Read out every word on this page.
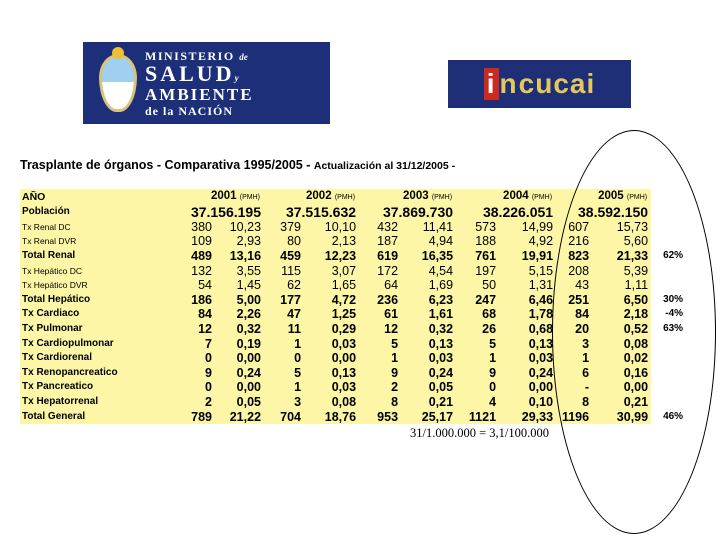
MINISTERIO de
SALUDy
AMBIENTE
de la NACIÓN
i n cucai
Trasplante de órganos - Comparativa 1995/2005 - Actualización al 31/12/2005 -
AÑO	2001 (PMH)		2002 (PMH)		2003 (PMH)		2004 (PMH)		2005 (PMH)		
Población	37.156.195		37.515.632		37.869.730		38.226.051		38.592.150		
Tx Renal DC	380	10,23	379	10,10	432	11,41	573	14,99	607	15,73	
Tx Renal DVR	109	2,93	80	2,13	187	4,94	188	4,92	216	5,60	
Total Renal	489	13,16	459	12,23	619	16,35	761	19,91	823	21,33	62%
Tx Hepático DC	132	3,55	115	3,07	172	4,54	197	5,15	208	5,39	
Tx Hepático DVR	54	1,45	62	1,65	64	1,69	50	1,31	43	1,11	
Total Hepático	186	5,00	177	4,72	236	6,23	247	6,46	251	6,50	30%
Tx Cardiaco	84	2,26	47	1,25	61	1,61	68	1,78	84	2,18	-4%
Tx Pulmonar	12	0,32	11	0,29	12	0,32	26	0,68	20	0,52	63%
Tx Cardiopulmonar	7	0,19	1	0,03	5	0,13	5	0,13	3	0,08	
Tx Cardiorenal	0	0,00	0	0,00	1	0,03	1	0,03	1	0,02	
Tx Renopancreatico	9	0,24	5	0,13	9	0,24	9	0,24	6	0,16	
Tx Pancreatico	0	0,00	1	0,03	2	0,05	0	0,00	-	0,00	
Tx Hepatorrenal	2	0,05	3	0,08	8	0,21	4	0,10	8	0,21	
Total General	789	21,22	704	18,76	953	25,17	1121	29,33	1196	30,99	46%
31/1.000.000 = 3,1/100.000
